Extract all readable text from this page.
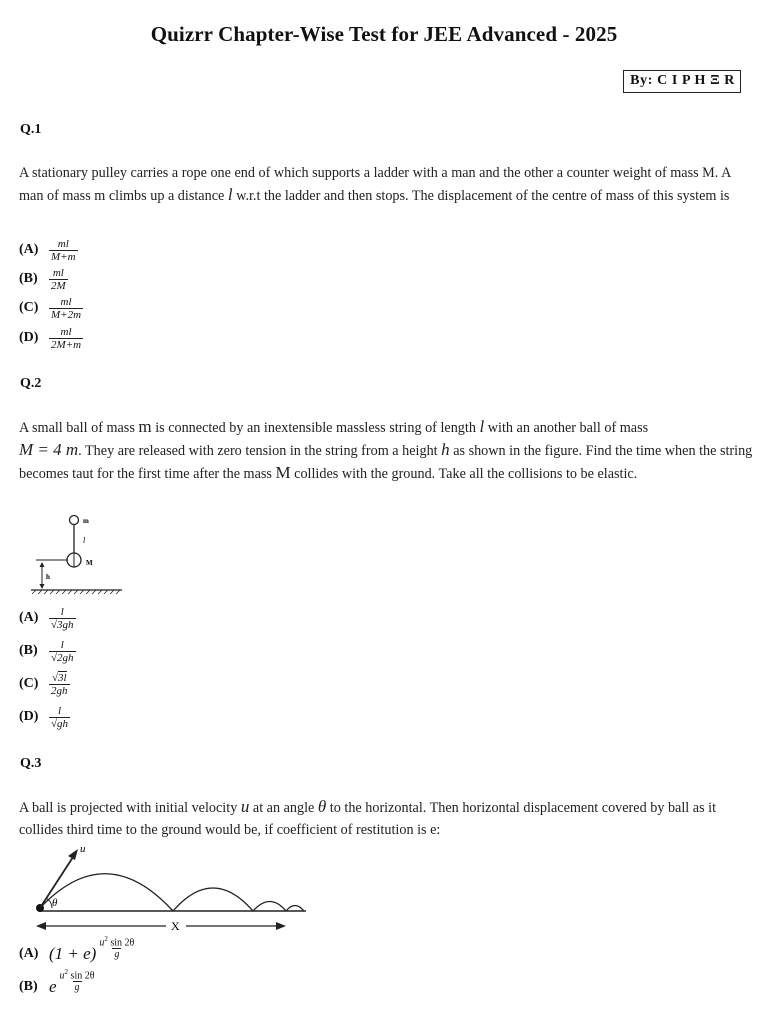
Quizrr Chapter-Wise Test for JEE Advanced - 2025
By: C I P H Ξ R
Q.1
A stationary pulley carries a rope one end of which supports a ladder with a man and the other a counter weight of mass M. A man of mass m climbs up a distance l w.r.t the ladder and then stops. The displacement of the centre of mass of this system is
$(A) \frac{ml}{M+m}$
(B)	$\frac{ml}{2M}$
$(C) \frac{ml}{M+2m}$
$(D) \frac{ml}{2M+m}$
Q.2
A small ball of mass m is connected by an inextensible massless string of length l with an another ball of mass
M = 4 m. They are released with zero tension in the string from a height h as shown in the figure. Find the time when the string becomes taut for the first time after the mass M collides with the ground. Take all the collisions to be elastic.
m
l
M
h
$(A) \frac{l}{√3gh}$
(B)	$\frac{l}{√2gh}$
$(C) \frac{√3l}{2gh}$
$(D) \frac{l}{√gh}$
Q.3
A ball is projected with initial velocity u at an angle θ to the horizontal. Then horizontal displacement covered by ball as it collides third time to the ground would be, if coefficient of restitution is e:
u
θ
X
(A) $(1 + e) \frac{u^2 \sin 2\theta}{g}$
(B) e $\frac{u^2 \sin 2\theta}{g}$
